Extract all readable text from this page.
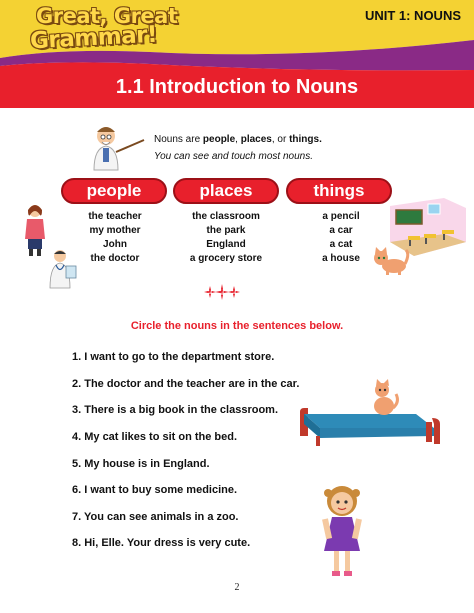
Great, Great
Grammar!
UNIT 1: NOUNS
1.1 Introduction to Nouns
Nouns are people, places, or things.
You can see and touch most nouns.
people	places	things
the teacher
my mother
John
the doctor
the classroom
the park
England
a grocery store
a pencil
a car
a cat
a house
Circle the nouns in the sentences below.
1. I want to go to the department store.
2. The doctor and the teacher are in the car.
3. There is a big book in the classroom.
4. My cat likes to sit on the bed.
5. My house is in England.
6. I want to buy some medicine.
7. You can see animals in a zoo.
8. Hi, Elle. Your dress is very cute.
2
